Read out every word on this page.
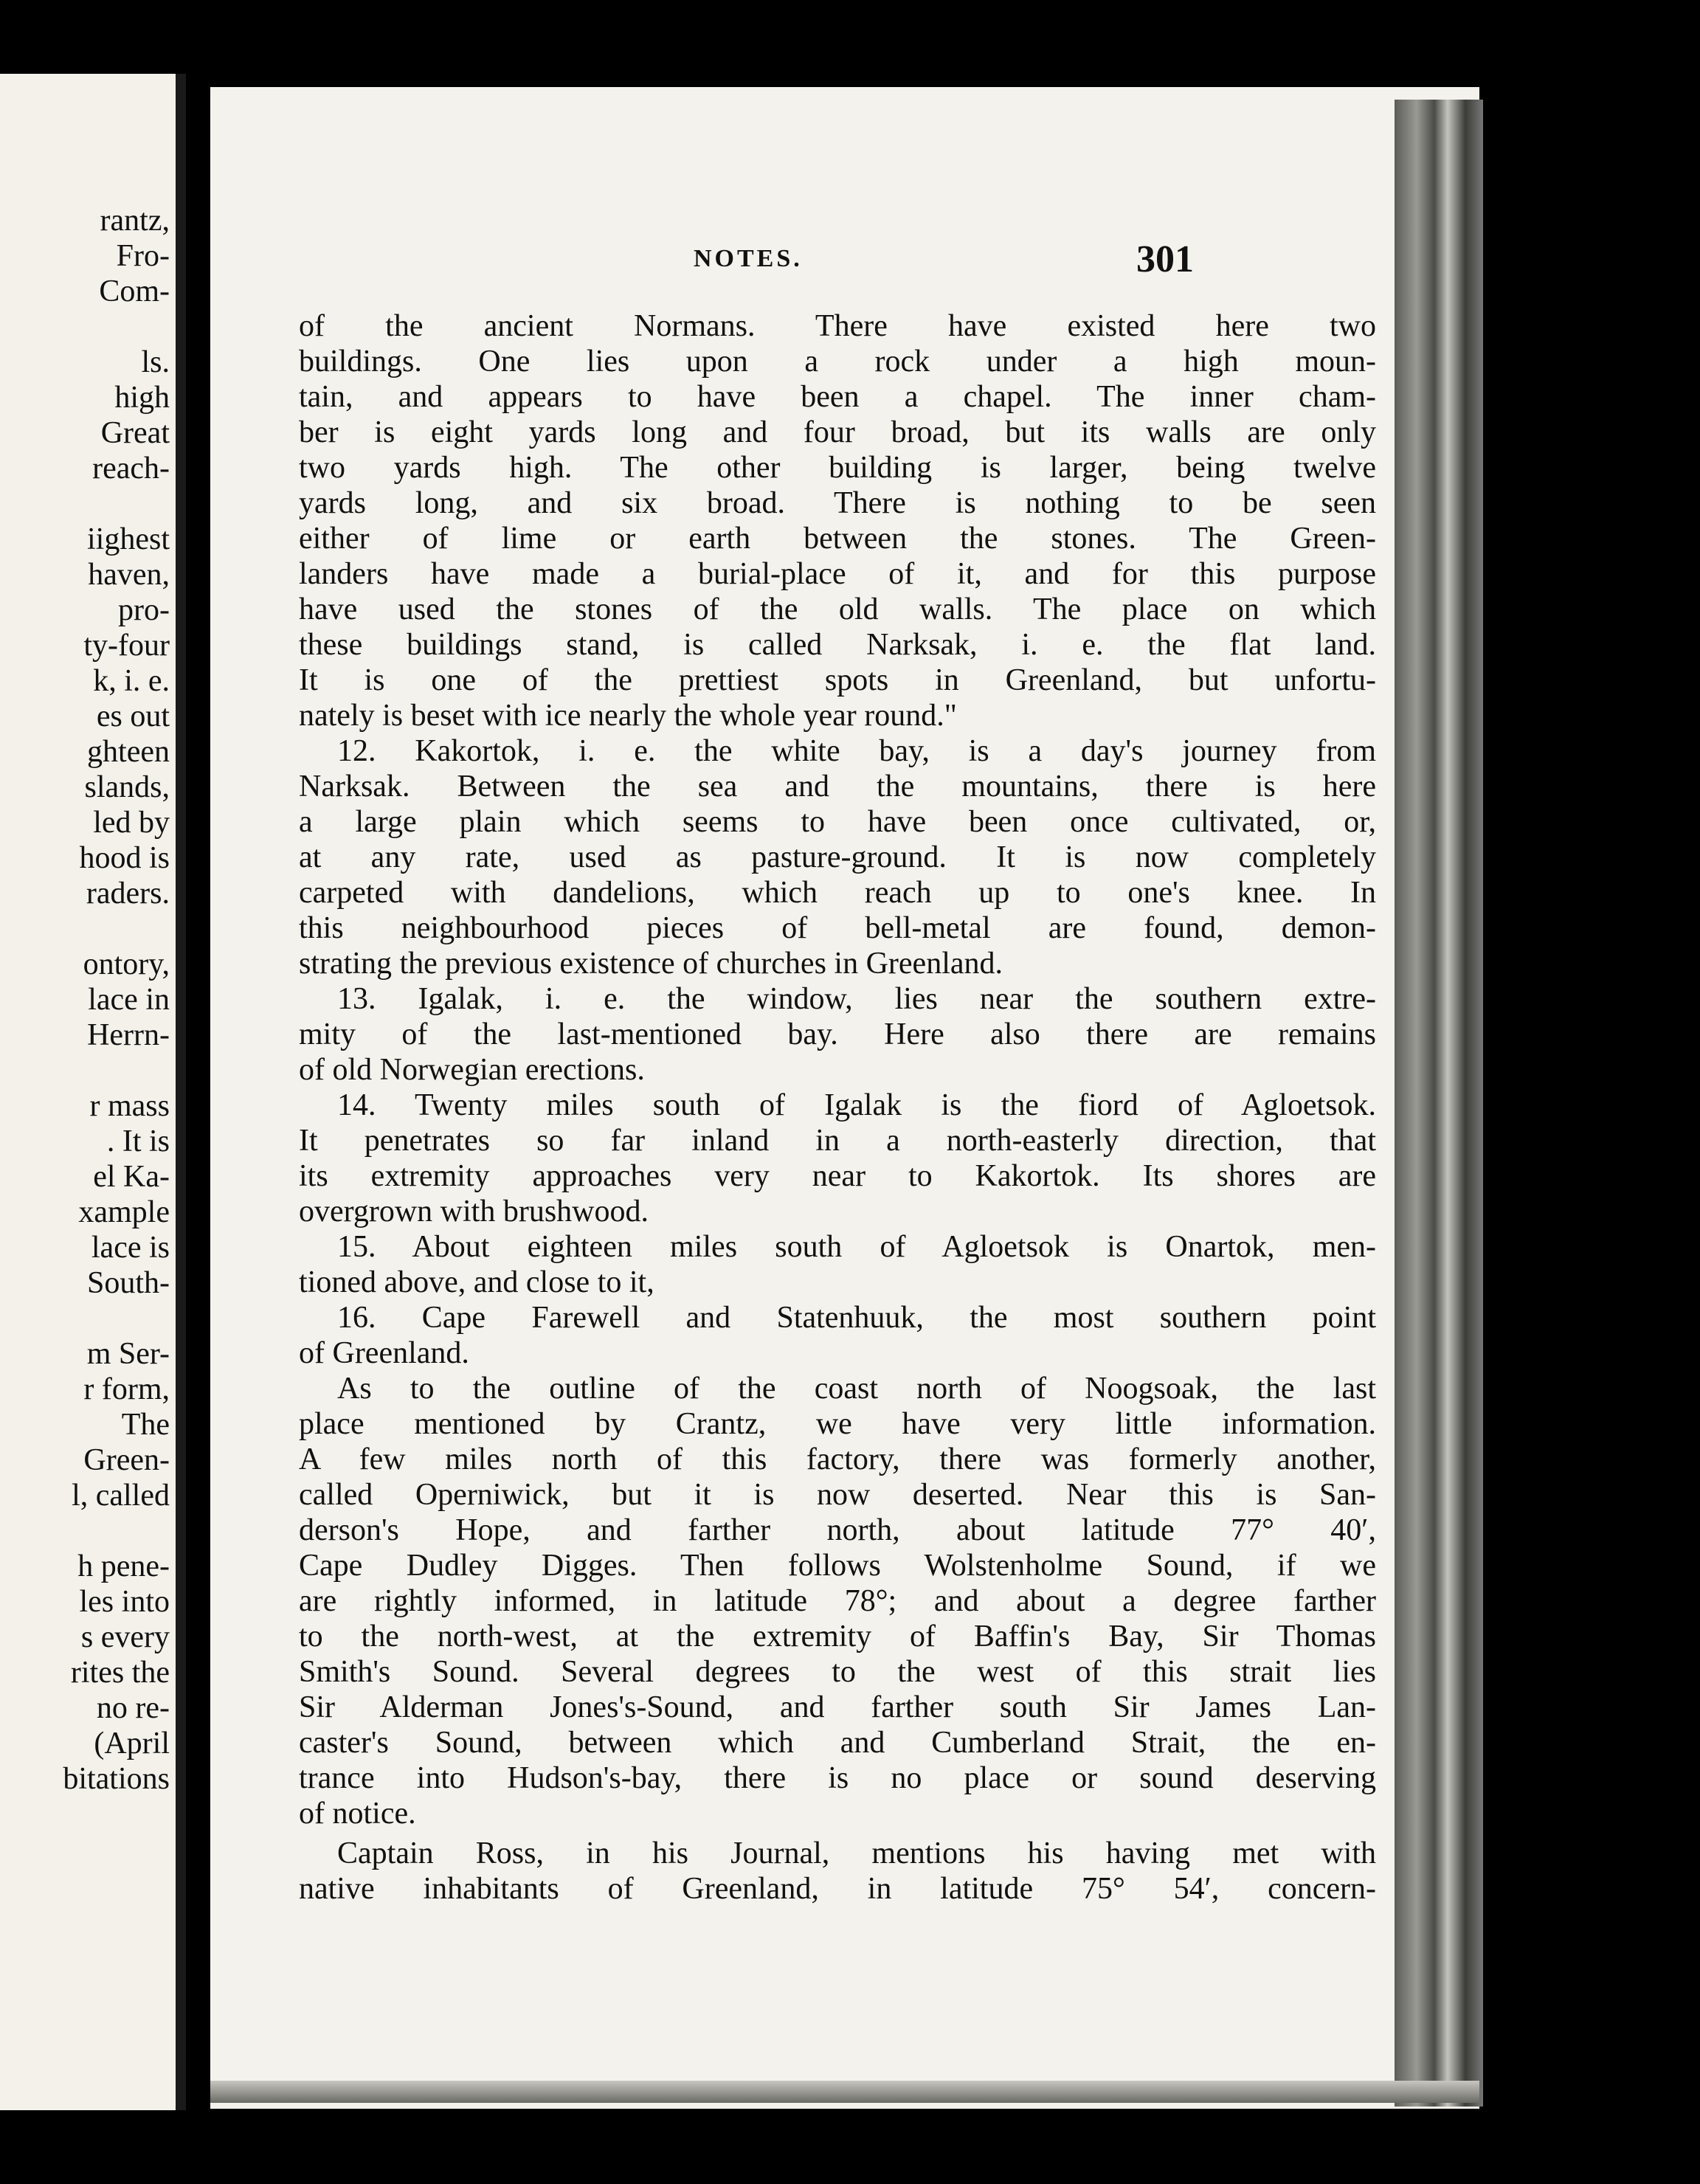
rantz,
Fro-
Com-
ls.
high
Great
reach-
iighest
haven,
pro-
ty-four
k, i. e.
es out
ghteen
slands,
led by
hood is
raders.
ontory,
lace in
Herrn-
r mass
. It is
el Ka-
xample
lace is
South-
m Ser-
r form,
The
Green-
l, called
h pene-
les into
s every
rites the
no re-
(April
bitations
NOTES.	301
of the ancient Normans. There have existed here two
buildings. One lies upon a rock under a high moun-
tain, and appears to have been a chapel. The inner cham-
ber is eight yards long and four broad, but its walls are only
two yards high. The other building is larger, being twelve
yards long, and six broad. There is nothing to be seen
either of lime or earth between the stones. The Green-
landers have made a burial-place of it, and for this purpose
have used the stones of the old walls. The place on which
these buildings stand, is called Narksak, i. e. the flat land.
It is one of the prettiest spots in Greenland, but unfortu-
nately is beset with ice nearly the whole year round."
12. Kakortok, i. e. the white bay, is a day's journey from
Narksak. Between the sea and the mountains, there is here
a large plain which seems to have been once cultivated, or,
at any rate, used as pasture-ground. It is now completely
carpeted with dandelions, which reach up to one's knee. In
this neighbourhood pieces of bell-metal are found, demon-
strating the previous existence of churches in Greenland.
13. Igalak, i. e. the window, lies near the southern extre-
mity of the last-mentioned bay. Here also there are remains
of old Norwegian erections.
14. Twenty miles south of Igalak is the fiord of Agloetsok.
It penetrates so far inland in a north-easterly direction, that
its extremity approaches very near to Kakortok. Its shores are
overgrown with brushwood.
15. About eighteen miles south of Agloetsok is Onartok, men-
tioned above, and close to it,
16. Cape Farewell and Statenhuuk, the most southern point
of Greenland.
As to the outline of the coast north of Noogsoak, the last
place mentioned by Crantz, we have very little information.
A few miles north of this factory, there was formerly another,
called Operniwick, but it is now deserted. Near this is San-
derson's Hope, and farther north, about latitude 77° 40′,
Cape Dudley Digges. Then follows Wolstenholme Sound, if we
are rightly informed, in latitude 78°; and about a degree farther
to the north-west, at the extremity of Baffin's Bay, Sir Thomas
Smith's Sound. Several degrees to the west of this strait lies
Sir Alderman Jones's-Sound, and farther south Sir James Lan-
caster's Sound, between which and Cumberland Strait, the en-
trance into Hudson's-bay, there is no place or sound deserving
of notice.
Captain Ross, in his Journal, mentions his having met with
native inhabitants of Greenland, in latitude 75° 54′, concern-
